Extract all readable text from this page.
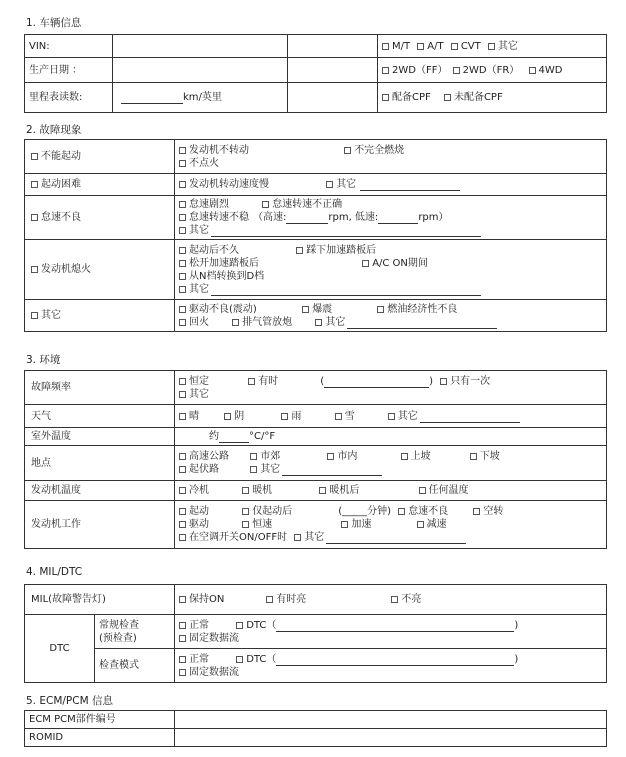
1. 车辆信息
VIN:			M/T A/T CVT 其它
生产日期 ：			2WD（FF） 2WD（FR） 4WD
里程表读数:	km/英里		配备CPF 未配备CPF
2. 故障现象
不能起动	发动机不转动 不完全燃烧
不点火
起动困难	发动机转动速度慢 其它
怠速不良	怠速剧烈 怠速转速不正确
怠速转速不稳 （高速: rpm, 低速: rpm）
其它
发动机熄火	起动后不久 踩下加速踏板后
松开加速踏板后 A/C ON期间
从N档转换到D档
其它
其它	驱动不良(震动) 爆震 燃油经济性不良
回火 排气管放炮 其它
3. 环境
故障频率	恒定 有时 ( ) 只有一次
其它
天气	晴 阴 雨 雪 其它
室外温度	约 °C/°F
地点	高速公路 市郊 市内 上坡 下坡
起伏路 其它
发动机温度	冷机 暖机 暖机后 任何温度
发动机工作	起动 仅起动后 (_____分钟) 怠速不良 空转
驱动 恒速 加速 减速
在空调开关ON/OFF时 其它
4. MIL/DTC
MIL(故障警告灯)		保持ON 有时亮 不亮
DTC	常规检查
(预检查)	正常 DTC（ )
固定数据流
	检查模式	正常 DTC（ )
固定数据流
5. ECM/PCM 信息
ECM PCM部件编号	
ROMID	
